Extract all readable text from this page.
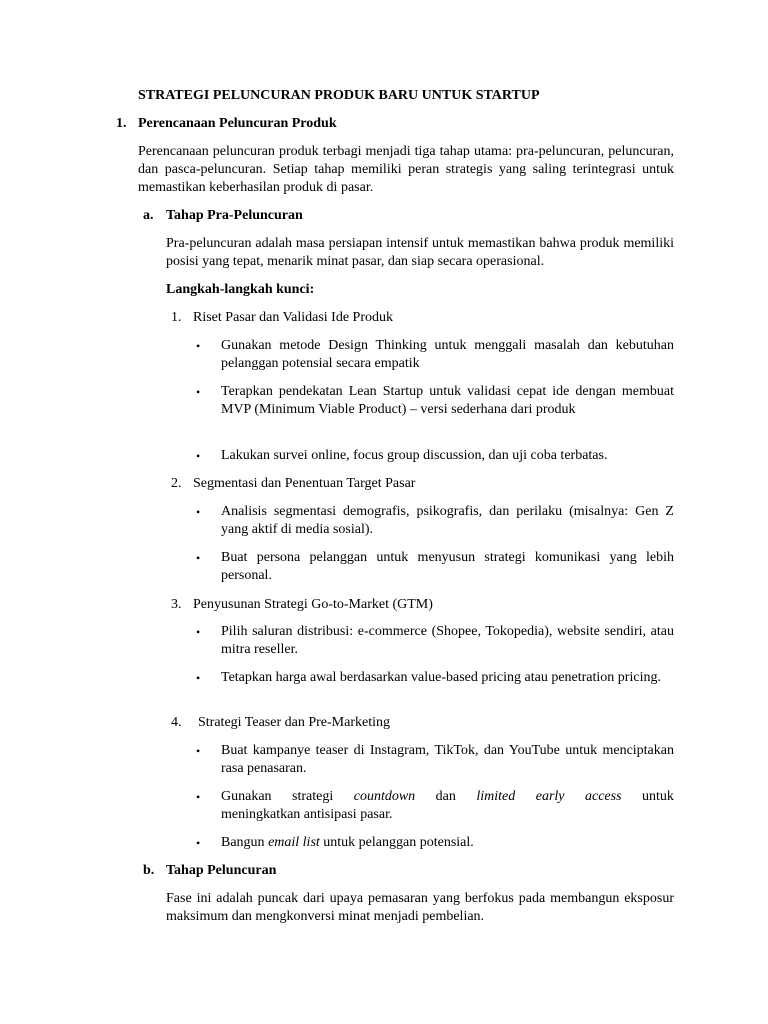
STRATEGI PELUNCURAN PRODUK BARU UNTUK STARTUP
1. Perencanaan Peluncuran Produk
Perencanaan peluncuran produk terbagi menjadi tiga tahap utama: pra-peluncuran, peluncuran, dan pasca-peluncuran. Setiap tahap memiliki peran strategis yang saling terintegrasi untuk memastikan keberhasilan produk di pasar.
a. Tahap Pra-Peluncuran
Pra-peluncuran adalah masa persiapan intensif untuk memastikan bahwa produk memiliki posisi yang tepat, menarik minat pasar, dan siap secara operasional.
Langkah-langkah kunci:
1. Riset Pasar dan Validasi Ide Produk
• Gunakan metode Design Thinking untuk menggali masalah dan kebutuhan pelanggan potensial secara empatik
• Terapkan pendekatan Lean Startup untuk validasi cepat ide dengan membuat MVP (Minimum Viable Product) – versi sederhana dari produk
• Lakukan survei online, focus group discussion, dan uji coba terbatas.
2. Segmentasi dan Penentuan Target Pasar
• Analisis segmentasi demografis, psikografis, dan perilaku (misalnya: Gen Z yang aktif di media sosial).
• Buat persona pelanggan untuk menyusun strategi komunikasi yang lebih personal.
3. Penyusunan Strategi Go-to-Market (GTM)
• Pilih saluran distribusi: e-commerce (Shopee, Tokopedia), website sendiri, atau mitra reseller.
• Tetapkan harga awal berdasarkan value-based pricing atau penetration pricing.
4. Strategi Teaser dan Pre-Marketing
• Buat kampanye teaser di Instagram, TikTok, dan YouTube untuk menciptakan rasa penasaran.
• Gunakan strategi countdown dan limited early access untuk
meningkatkan antisipasi pasar.
• Bangun email list untuk pelanggan potensial.
b. Tahap Peluncuran
Fase ini adalah puncak dari upaya pemasaran yang berfokus pada membangun eksposur maksimum dan mengkonversi minat menjadi pembelian.
